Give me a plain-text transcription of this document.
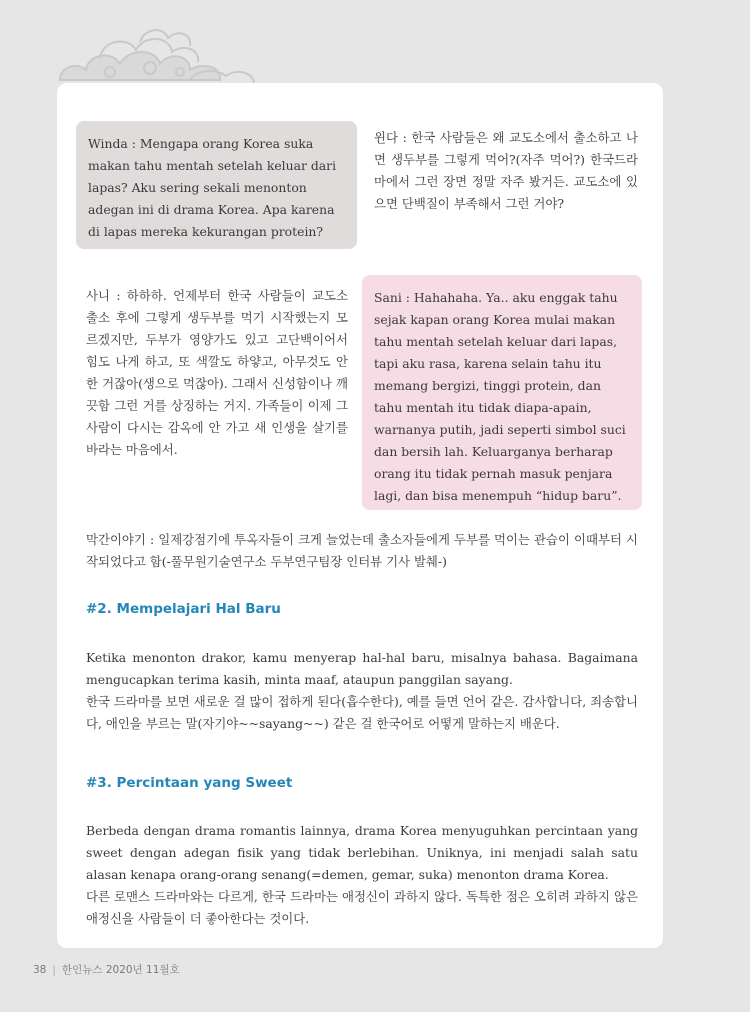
Winda : Mengapa orang Korea suka makan tahu mentah setelah keluar dari lapas? Aku sering sekali menonton adegan ini di drama Korea. Apa karena di lapas mereka kekurangan protein?
윈다 : 한국 사람들은 왜 교도소에서 출소하고 나면 생두부를 그렇게 먹어?(자주 먹어?) 한국드라마에서 그런 장면 정말 자주 봤거든. 교도소에 있으면 단백질이 부족해서 그런 거야?
사니 : 하하하. 언제부터 한국 사람들이 교도소 출소 후에 그렇게 생두부를 먹기 시작했는지 모르겠지만, 두부가 영양가도 있고 고단백이어서 힘도 나게 하고, 또 색깔도 하얗고, 아무것도 안 한 거잖아(생으로 먹잖아). 그래서 신성함이나 깨끗함 그런 거를 상징하는 거지. 가족들이 이제 그 사람이 다시는 감옥에 안 가고 새 인생을 살기를 바라는 마음에서.
Sani : Hahahaha. Ya.. aku enggak tahu sejak kapan orang Korea mulai makan tahu mentah setelah keluar dari lapas, tapi aku rasa, karena selain tahu itu memang bergizi, tinggi protein, dan tahu mentah itu tidak diapa-apain, warnanya putih, jadi seperti simbol suci dan bersih lah. Keluarganya berharap orang itu tidak pernah masuk penjara lagi, dan bisa menempuh “hidup baru”.
막간이야기 : 일제강점기에 투옥자들이 크게 늘었는데 출소자들에게 두부를 먹이는 관습이 이때부터 시작되었다고 함(-풀무원기술연구소 두부연구팀장 인터뷰 기사 발췌-)
#2. Mempelajari Hal Baru
Ketika menonton drakor, kamu menyerap hal-hal baru, misalnya bahasa. Bagaimana mengucapkan terima kasih, minta maaf, ataupun panggilan sayang.
한국 드라마를 보면 새로운 걸 많이 접하게 된다(흡수한다), 예를 들면 언어 같은. 감사합니다, 죄송합니다, 애인을 부르는 말(자기야~~sayang~~) 같은 걸 한국어로 어떻게 말하는지 배운다.
#3. Percintaan yang Sweet
Berbeda dengan drama romantis lainnya, drama Korea menyuguhkan percintaan yang sweet dengan adegan fisik yang tidak berlebihan. Uniknya, ini menjadi salah satu alasan kenapa orang-orang senang(=demen, gemar, suka) menonton drama Korea.
다른 로맨스 드라마와는 다르게, 한국 드라마는 애정신이 과하지 않다. 독특한 점은 오히려 과하지 않은 애정신을 사람들이 더 좋아한다는 것이다.
38 | 한인뉴스 2020년 11월호
